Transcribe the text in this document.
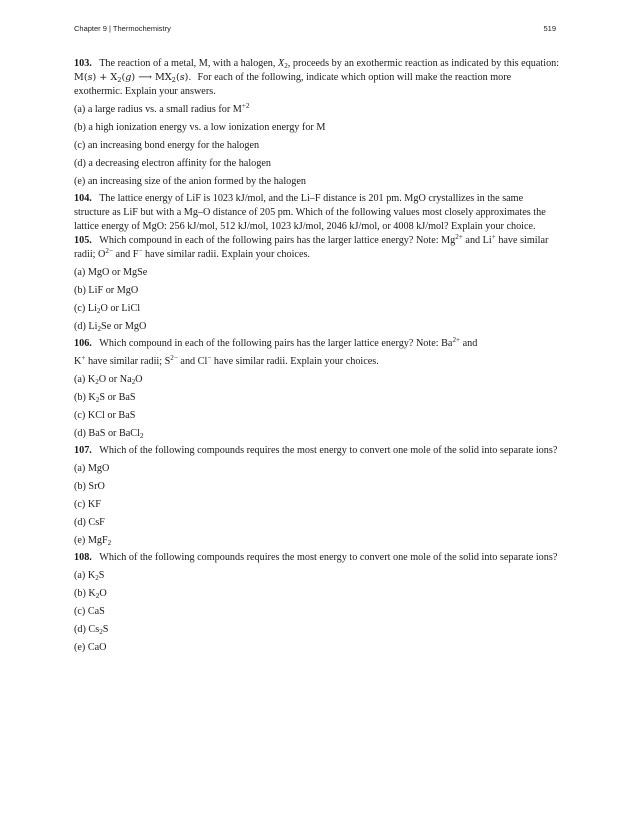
Chapter 9 | Thermochemistry	519

103. The reaction of a metal, M, with a halogen, $X_2$, proceeds by an exothermic reaction as indicated by this equation: $M(s) + X_2(g)$ ⟶ $MX_2(s)$. For each of the following, indicate which option will make the reaction more exothermic. Explain your answers.

(a) a large radius vs. a small radius for $M^{+2}$

(b) a high ionization energy vs. a low ionization energy for M

(c) an increasing bond energy for the halogen

(d) a decreasing electron affinity for the halogen

(e) an increasing size of the anion formed by the halogen

104. The lattice energy of LiF is 1023 kJ/mol, and the Li–F distance is 201 pm. MgO crystallizes in the same structure as LiF but with a Mg–O distance of 205 pm. Which of the following values most closely approximates the lattice energy of MgO: 256 kJ/mol, 512 kJ/mol, 1023 kJ/mol, 2046 kJ/mol, or 4008 kJ/mol? Explain your choice.

105. Which compound in each of the following pairs has the larger lattice energy? Note: $Mg^{2+}$ and Li+ have similar radii; $O^{2-}$ and F− have similar radii. Explain your choices.

(a) MgO or MgSe

(b) LiF or MgO

(c) $Li_2O$ or LiCl

(d) $Li_2Se$ or MgO

106. Which compound in each of the following pairs has the larger lattice energy? Note: $Ba^{2+}$ and

K+ have similar radii; $S^{2-}$ and Cl− have similar radii. Explain your choices.

(a) $K_2O$ or $Na_2O$

(b) $K_2S$ or BaS

(c) KCl or BaS

(d) BaS or BaCl$_2$

107. Which of the following compounds requires the most energy to convert one mole of the solid into separate ions?

(a) MgO

(b) SrO

(c) KF

(d) CsF

(e) MgF$_2$

108. Which of the following compounds requires the most energy to convert one mole of the solid into separate ions?

(a) $K_2S$

(b) $K_2O$

(c) CaS

(d) $Cs_2S$

(e) CaO
